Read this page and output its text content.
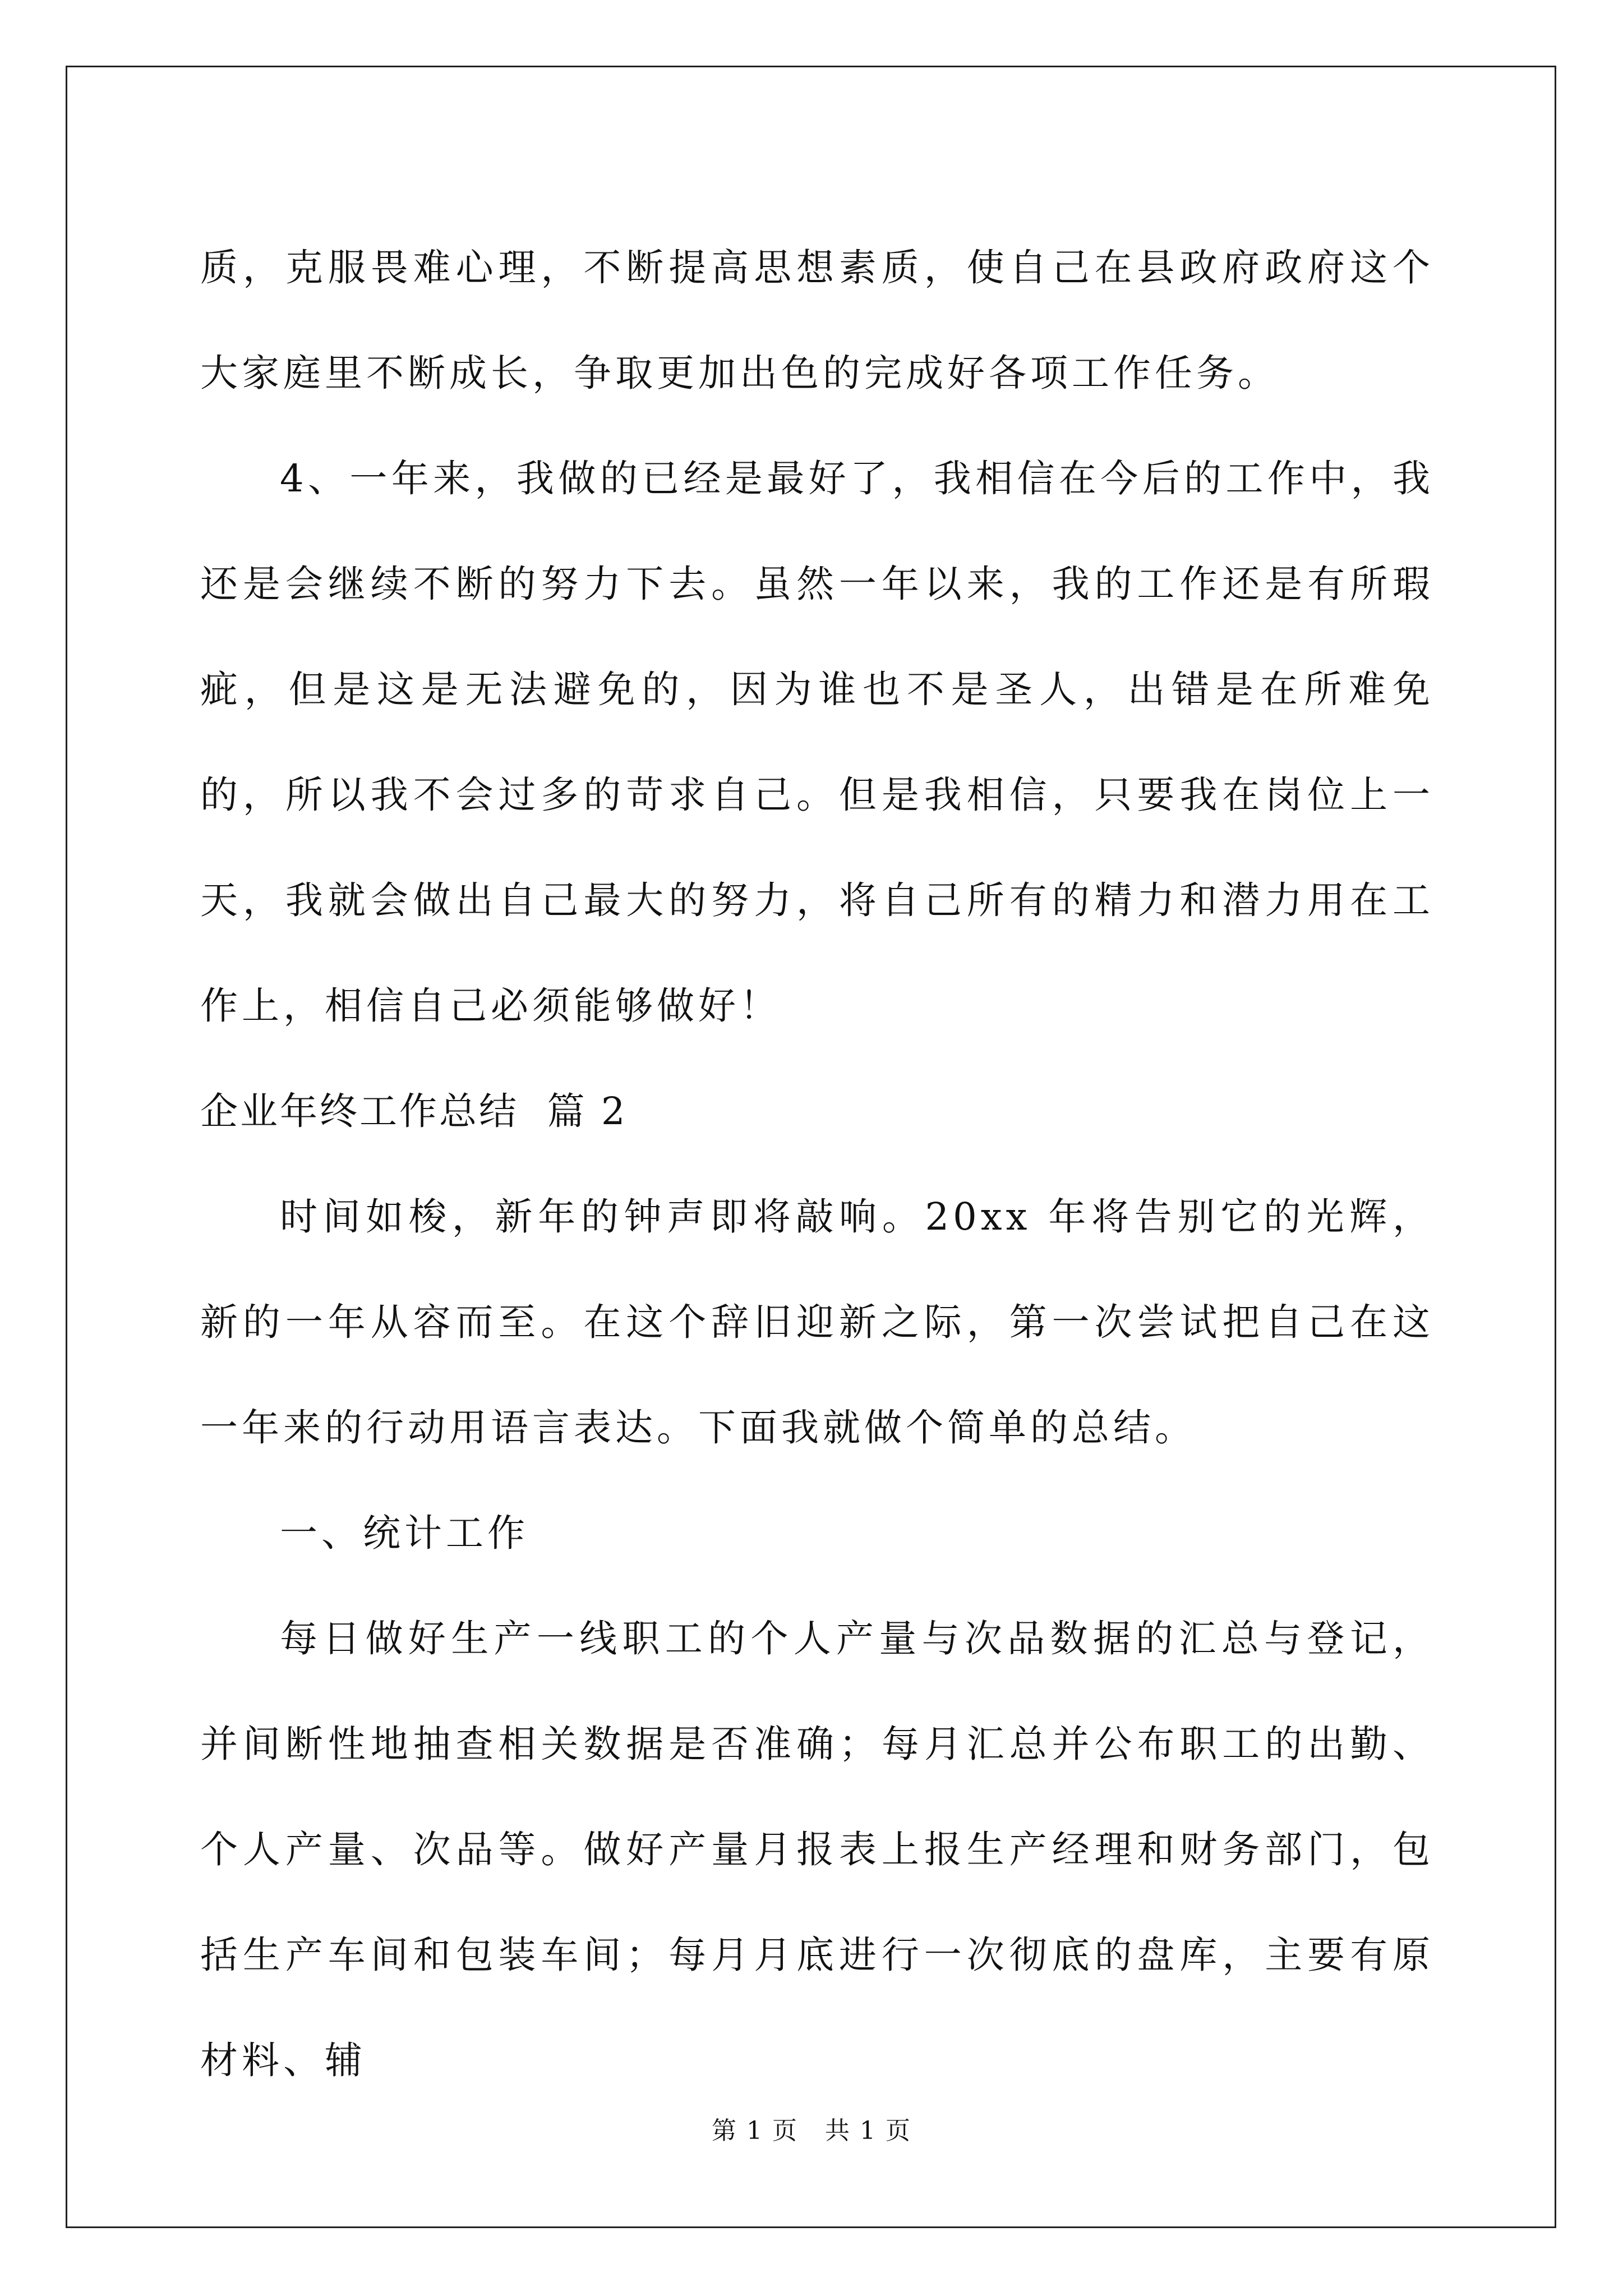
质，克服畏难心理，不断提高思想素质，使自己在县政府政府这个大家庭里不断成长，争取更加出色的完成好各项工作任务。

4、一年来，我做的已经是最好了，我相信在今后的工作中，我还是会继续不断的努力下去。虽然一年以来，我的工作还是有所瑕疵，但是这是无法避免的，因为谁也不是圣人，出错是在所难免的，所以我不会过多的苛求自己。但是我相信，只要我在岗位上一天，我就会做出自己最大的努力，将自己所有的精力和潜力用在工作上，相信自己必须能够做好！

企业年终工作总结  篇 2

时间如梭，新年的钟声即将敲响。20xx 年将告别它的光辉，新的一年从容而至。在这个辞旧迎新之际，第一次尝试把自己在这一年来的行动用语言表达。下面我就做个简单的总结。

一、统计工作

每日做好生产一线职工的个人产量与次品数据的汇总与登记，并间断性地抽查相关数据是否准确；每月汇总并公布职工的出勤、个人产量、次品等。做好产量月报表上报生产经理和财务部门，包括生产车间和包装车间；每月月底进行一次彻底的盘库，主要有原材料、辅

第 1 页   共 1 页
